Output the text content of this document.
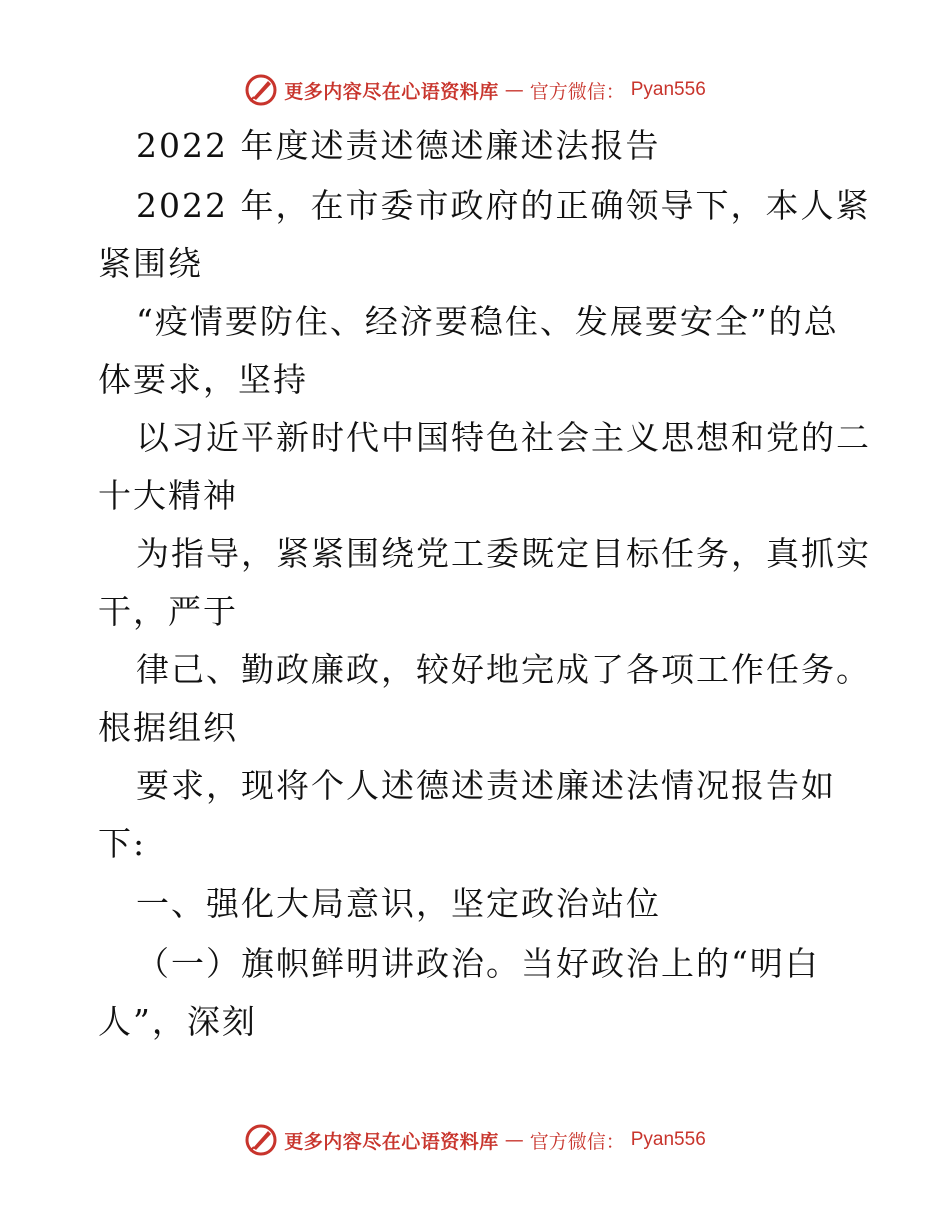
更多内容尽在心语资料库 — 官方微信： Pyan556
2022 年度述责述德述廉述法报告
2022 年，在市委市政府的正确领导下，本人紧
紧围绕
“疫情要防住、经济要稳住、发展要安全”的总
体要求，坚持
以习近平新时代中国特色社会主义思想和党的二
十大精神
为指导，紧紧围绕党工委既定目标任务，真抓实
干，严于
律己、勤政廉政，较好地完成了各项工作任务。
根据组织
要求，现将个人述德述责述廉述法情况报告如
下:
一、强化大局意识，坚定政治站位
（一）旗帜鲜明讲政治。当好政治上的“明白
人”，深刻
更多内容尽在心语资料库 — 官方微信： Pyan556
